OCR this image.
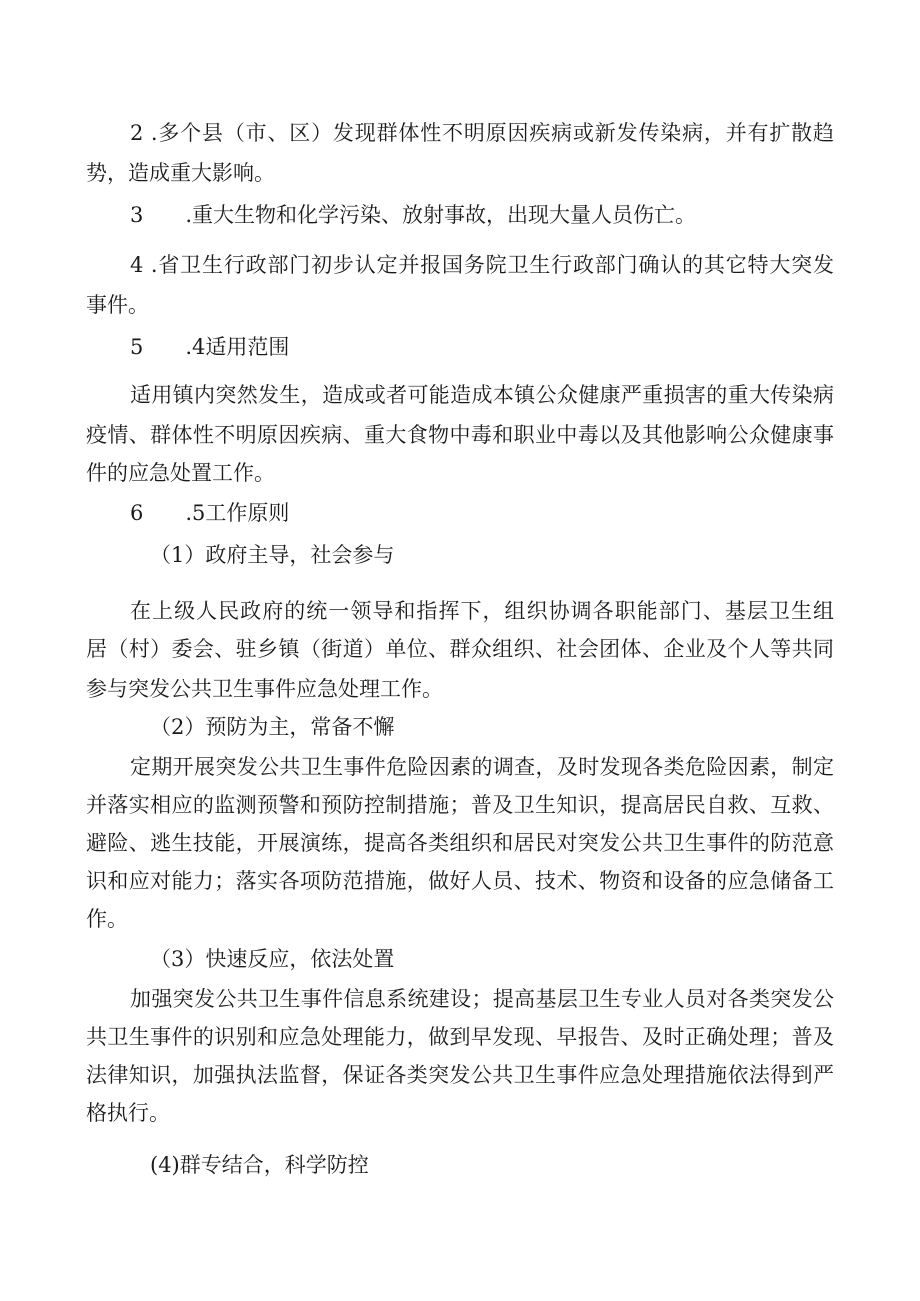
2 .多个县（市、区）发现群体性不明原因疾病或新发传染病，并有扩散趋

势，造成重大影响。

3　　.重大生物和化学污染、放射事故，出现大量人员伤亡。

4 .省卫生行政部门初步认定并报国务院卫生行政部门确认的其它特大突发

事件。

5　　.4适用范围

适用镇内突然发生，造成或者可能造成本镇公众健康严重损害的重大传染病

疫情、群体性不明原因疾病、重大食物中毒和职业中毒以及其他影响公众健康事

件的应急处置工作。

6　　.5工作原则

（1）政府主导，社会参与

在上级人民政府的统一领导和指挥下，组织协调各职能部门、基层卫生组

居（村）委会、驻乡镇（街道）单位、群众组织、社会团体、企业及个人等共同

参与突发公共卫生事件应急处理工作。

（2）预防为主，常备不懈

定期开展突发公共卫生事件危险因素的调查，及时发现各类危险因素，制定

并落实相应的监测预警和预防控制措施；普及卫生知识，提高居民自救、互救、

避险、逃生技能，开展演练，提高各类组织和居民对突发公共卫生事件的防范意

识和应对能力；落实各项防范措施，做好人员、技术、物资和设备的应急储备工

作。

（3）快速反应，依法处置

加强突发公共卫生事件信息系统建设；提高基层卫生专业人员对各类突发公

共卫生事件的识别和应急处理能力，做到早发现、早报告、及时正确处理；普及

法律知识，加强执法监督，保证各类突发公共卫生事件应急处理措施依法得到严

格执行。

(4)群专结合，科学防控
